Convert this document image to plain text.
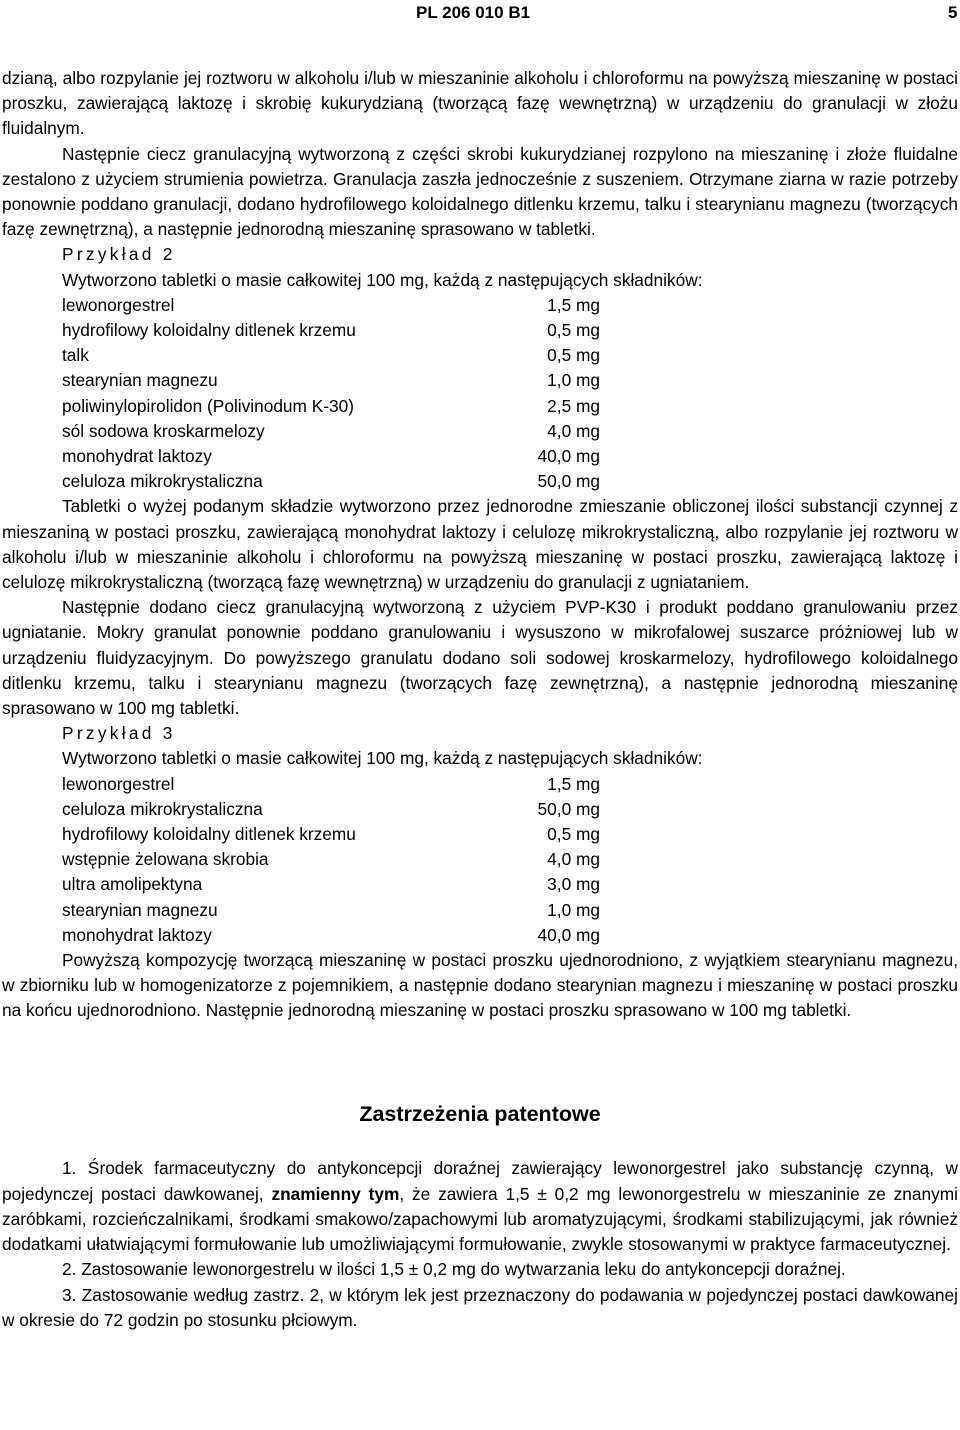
PL 206 010 B1	5

dzianą, albo rozpylanie jej roztworu w alkoholu i/lub w mieszaninie alkoholu i chloroformu na powyższą mieszaninę w postaci proszku, zawierającą laktozę i skrobię kukurydzianą (tworzącą fazę wewnętrzną) w urządzeniu do granulacji w złożu fluidalnym.

Następnie ciecz granulacyjną wytworzoną z części skrobi kukurydzianej rozpylono na mieszaninę i złoże fluidalne zestalono z użyciem strumienia powietrza. Granulacja zaszła jednocześnie z suszeniem. Otrzymane ziarna w razie potrzeby ponownie poddano granulacji, dodano hydrofilowego koloidalnego ditlenku krzemu, talku i stearynianu magnezu (tworzących fazę zewnętrzną), a następnie jednorodną mieszaninę sprasowano w tabletki.

Przykład 2

Wytworzono tabletki o masie całkowitej 100 mg, każdą z następujących składników:

lewonorgestrel	1,5 mg
hydrofilowy koloidalny ditlenek krzemu	0,5 mg
talk	0,5 mg
stearynian magnezu	1,0 mg
poliwinylopirolidon (Polivinodum K-30)	2,5 mg
sól sodowa kroskarmelozy	4,0 mg
monohydrat laktozy	40,0 mg
celuloza mikrokrystaliczna	50,0 mg

Tabletki o wyżej podanym składzie wytworzono przez jednorodne zmieszanie obliczonej ilości substancji czynnej z mieszaniną w postaci proszku, zawierającą monohydrat laktozy i celulozę mikrokrystaliczną, albo rozpylanie jej roztworu w alkoholu i/lub w mieszaninie alkoholu i chloroformu na powyższą mieszaninę w postaci proszku, zawierającą laktozę i celulozę mikrokrystaliczną (tworzącą fazę wewnętrzną) w urządzeniu do granulacji z ugniataniem.

Następnie dodano ciecz granulacyjną wytworzoną z użyciem PVP-K30 i produkt poddano granulowaniu przez ugniatanie. Mokry granulat ponownie poddano granulowaniu i wysuszono w mikrofalowej suszarce próżniowej lub w urządzeniu fluidyzacyjnym. Do powyższego granulatu dodano soli sodowej kroskarmelozy, hydrofilowego koloidalnego ditlenku krzemu, talku i stearynianu magnezu (tworzących fazę zewnętrzną), a następnie jednorodną mieszaninę sprasowano w 100 mg tabletki.

Przykład 3

Wytworzono tabletki o masie całkowitej 100 mg, każdą z następujących składników:

lewonorgestrel	1,5 mg
celuloza mikrokrystaliczna	50,0 mg
hydrofilowy koloidalny ditlenek krzemu	0,5 mg
wstępnie żelowana skrobia	4,0 mg
ultra amolipektyna	3,0 mg
stearynian magnezu	1,0 mg
monohydrat laktozy	40,0 mg

Powyższą kompozycję tworzącą mieszaninę w postaci proszku ujednorodniono, z wyjątkiem stearynianu magnezu, w zbiorniku lub w homogenizatorze z pojemnikiem, a następnie dodano stearynian magnezu i mieszaninę w postaci proszku na końcu ujednorodniono. Następnie jednorodną mieszaninę w postaci proszku sprasowano w 100 mg tabletki.

Zastrzeżenia patentowe

1. Środek farmaceutyczny do antykoncepcji doraźnej zawierający lewonorgestrel jako substancję czynną, w pojedynczej postaci dawkowanej, znamienny tym, że zawiera 1,5 ± 0,2 mg lewonorgestrelu w mieszaninie ze znanymi zaróbkami, rozcieńczalnikami, środkami smakowo/zapachowymi lub aromatyzującymi, środkami stabilizującymi, jak również dodatkami ułatwiającymi formułowanie lub umożliwiającymi formułowanie, zwykle stosowanymi w praktyce farmaceutycznej.

2. Zastosowanie lewonorgestrelu w ilości 1,5 ± 0,2 mg do wytwarzania leku do antykoncepcji doraźnej.

3. Zastosowanie według zastrz. 2, w którym lek jest przeznaczony do podawania w pojedynczej postaci dawkowanej w okresie do 72 godzin po stosunku płciowym.
